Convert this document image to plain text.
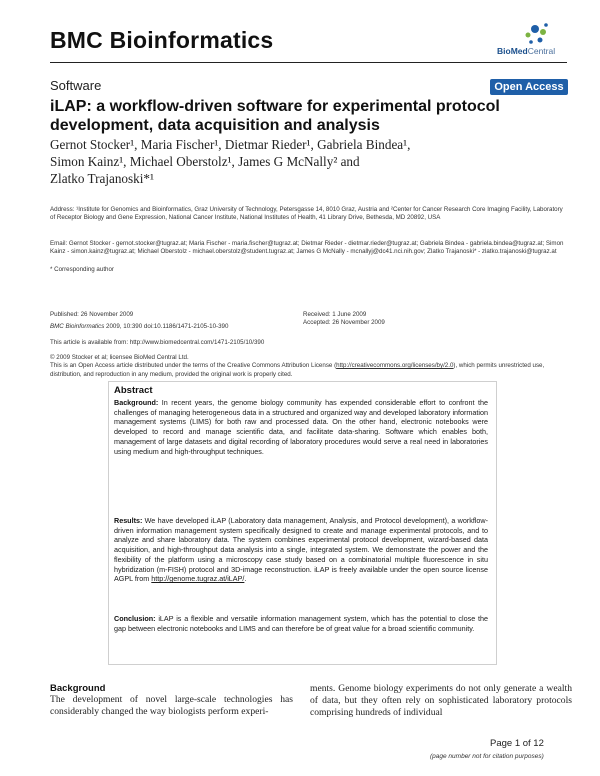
BMC Bioinformatics	BioMedCentral
Software	Open Access
iLAP: a workflow-driven software for experimental protocol development, data acquisition and analysis
Gernot Stocker¹, Maria Fischer¹, Dietmar Rieder¹, Gabriela Bindea¹,
Simon Kainz¹, Michael Oberstolz¹, James G McNally² and
Zlatko Trajanoski*¹
Address: ¹Institute for Genomics and Bioinformatics, Graz University of Technology, Petersgasse 14, 8010 Graz, Austria and ²Center for Cancer Research Core Imaging Facility, Laboratory of Receptor Biology and Gene Expression, National Cancer Institute, National Institutes of Health, 41 Library Drive, Bethesda, MD 20892, USA
Email: Gernot Stocker - gernot.stocker@tugraz.at; Maria Fischer - maria.fischer@tugraz.at; Dietmar Rieder - dietmar.rieder@tugraz.at; Gabriela Bindea - gabriela.bindea@tugraz.at; Simon Kainz - simon.kainz@tugraz.at; Michael Oberstolz - michael.oberstolz@student.tugraz.at; James G McNally - mcnallyj@dc41.nci.nih.gov; Zlatko Trajanoski* - zlatko.trajanoski@tugraz.at
* Corresponding author
Published: 26 November 2009
BMC Bioinformatics 2009, 10:390 doi:10.1186/1471-2105-10-390
Received: 1 June 2009
Accepted: 26 November 2009
This article is available from: http://www.biomedcentral.com/1471-2105/10/390
© 2009 Stocker et al; licensee BioMed Central Ltd.
This is an Open Access article distributed under the terms of the Creative Commons Attribution License (http://creativecommons.org/licenses/by/2.0), which permits unrestricted use, distribution, and reproduction in any medium, provided the original work is properly cited.
Abstract
Background: In recent years, the genome biology community has expended considerable effort to confront the challenges of managing heterogeneous data in a structured and organized way and developed laboratory information management systems (LIMS) for both raw and processed data. On the other hand, electronic notebooks were developed to record and manage scientific data, and facilitate data-sharing. Software which enables both, management of large datasets and digital recording of laboratory procedures would serve a real need in laboratories using medium and high-throughput techniques.
Results: We have developed iLAP (Laboratory data management, Analysis, and Protocol development), a workflow-driven information management system specifically designed to create and manage experimental protocols, and to analyze and share laboratory data. The system combines experimental protocol development, wizard-based data acquisition, and high-throughput data analysis into a single, integrated system. We demonstrate the power and the flexibility of the platform using a microscopy case study based on a combinatorial multiple fluorescence in situ hybridization (m-FISH) protocol and 3D-image reconstruction. iLAP is freely available under the open source license AGPL from http://genome.tugraz.at/iLAP/.
Conclusion: iLAP is a flexible and versatile information management system, which has the potential to close the gap between electronic notebooks and LIMS and can therefore be of great value for a broad scientific community.
Background
The development of novel large-scale technologies has considerably changed the way biologists perform experi-
ments. Genome biology experiments do not only generate a wealth of data, but they often rely on sophisticated laboratory protocols comprising hundreds of individual
Page 1 of 12
(page number not for citation purposes)
